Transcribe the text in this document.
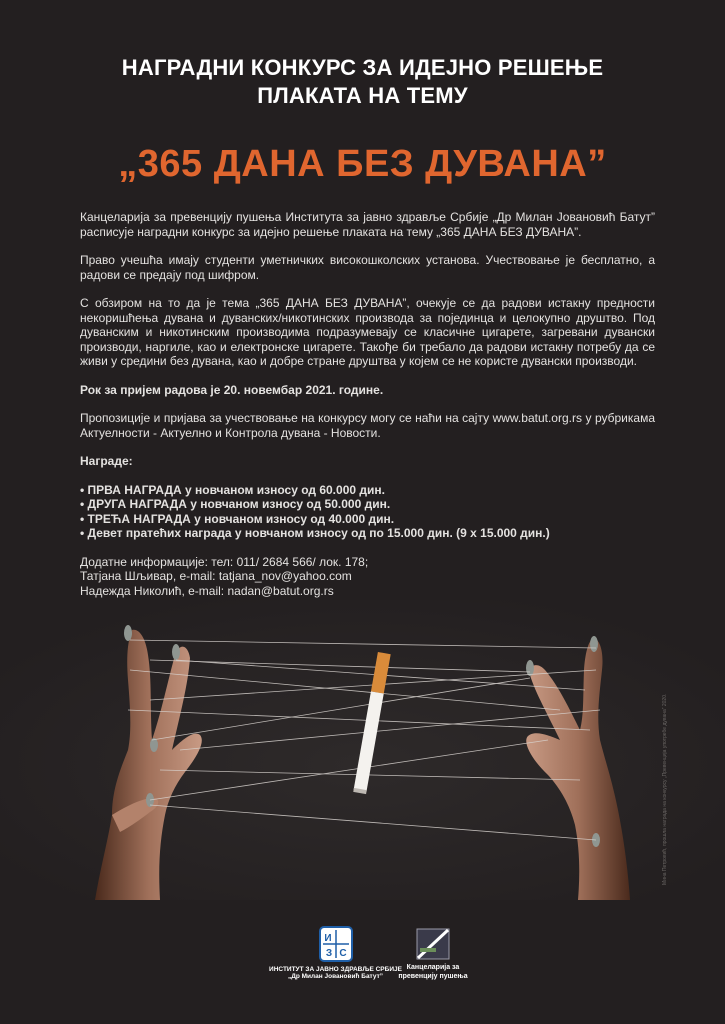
НАГРАДНИ КОНКУРС ЗА ИДЕЈНО РЕШЕЊЕ
ПЛАКАТА НА ТЕМУ
„365 ДАНА БЕЗ ДУВАНА”

Канцеларија за превенцију пушења Института за јавно здравље Србије „Др Милан Јовановић Батут” расписује наградни конкурс за идејно решење плаката на тему „365 ДАНА БЕЗ ДУВАНА”.

Право учешћа имају студенти уметничких високошколских установа. Учествовање је бесплатно, а радови се предају под шифром.

С обзиром на то да је тема „365 ДАНА БЕЗ ДУВАНА”, очекује се да радови истакну предности некоришћења дувана и дуванских/никотинских производа за појединца и целокупно друштво. Под дуванским и никотинским производима подразумевају се класичне цигарете, загревани дувански производи, наргиле, као и електронске цигарете. Такође би требало да радови истакну потребу да се живи у средини без дувана, као и добре стране друштва у којем се не користе дувански производи.

Рок за пријем радова је 20. новембар 2021. године.

Пропозиције и пријава за учествовање на конкурсу могу се наћи на сајту www.batut.org.rs у рубрикама Актуелности - Актуелно и Контрола дувана - Новости.

Награде:

• ПРВА НАГРАДА у новчаном износу од 60.000 дин.
• ДРУГА НАГРАДА у новчаном износу од 50.000 дин.
• ТРЕЋА НАГРАДА у новчаном износу од 40.000 дин.
• Девет пратећих награда у новчаном износу од по 15.000 дин. (9 x 15.000 дин.)
Додатне информације: тел: 011/ 2684 566/ лок. 178;
Татјана Шљивар, e-mail: tatjana_nov@yahoo.com
Надежда Николић, e-mail: nadan@batut.org.rs
Мина Петровић, прошла награда на конкурсу „Превенција употребе дувана” 2020.
И
З С
ИНСТИТУТ ЗА ЈАВНО ЗДРАВЉЕ СРБИЈЕ
„Др Милан Јовановић Батут”
Канцеларија за
превенцију пушења
